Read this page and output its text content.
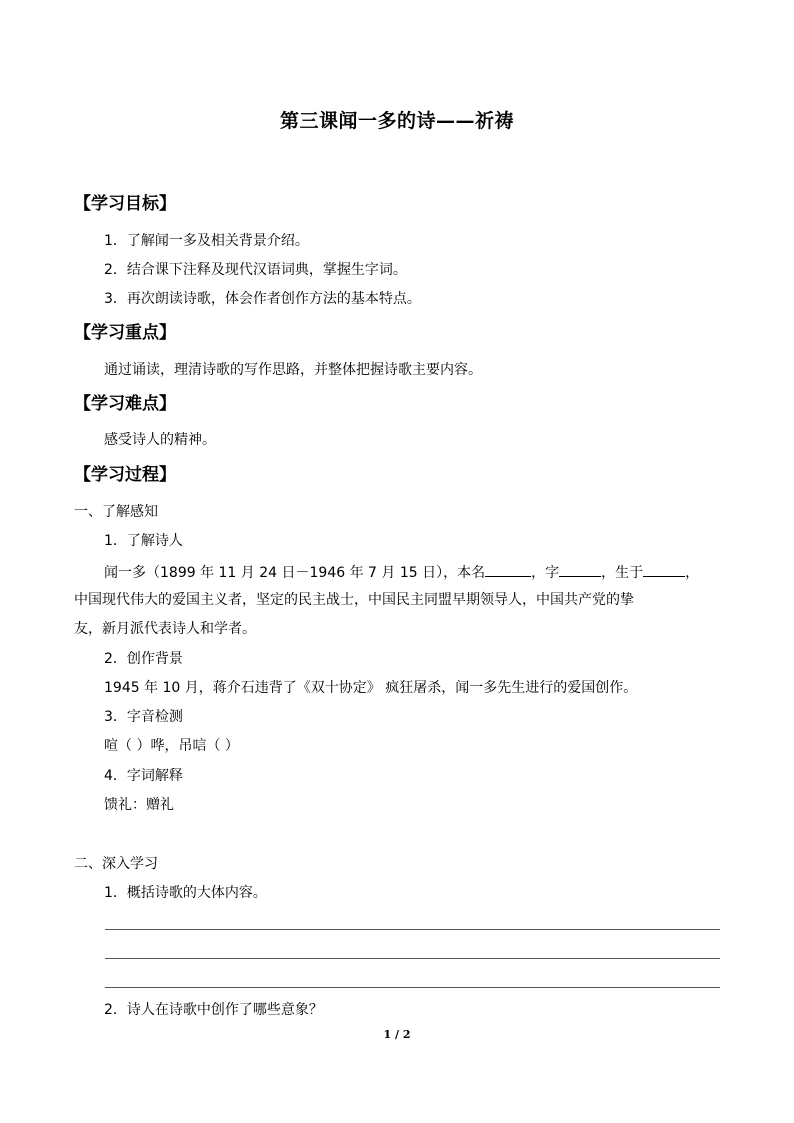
第三课闻一多的诗——祈祷
【学习目标】
1．了解闻一多及相关背景介绍。
2．结合课下注释及现代汉语词典，掌握生字词。
3．再次朗读诗歌，体会作者创作方法的基本特点。
【学习重点】
通过诵读，理清诗歌的写作思路，并整体把握诗歌主要内容。
【学习难点】
感受诗人的精神。
【学习过程】
一、了解感知
1．了解诗人
闻一多（1899 年 11 月 24 日－1946 年 7 月 15 日），本名	，字	，生于	，
中国现代伟大的爱国主义者，坚定的民主战士，中国民主同盟早期领导人，中国共产党的挚
友，新月派代表诗人和学者。
2．创作背景
1945 年 10 月，蒋介石违背了《双十协定》 疯狂屠杀，闻一多先生进行的爱国创作。
3．字音检测
喧（ ）哗，吊唁（ ）
4．字词解释
馈礼：赠礼
二、深入学习
1．概括诗歌的大体内容。
2．诗人在诗歌中创作了哪些意象？
1 / 2
